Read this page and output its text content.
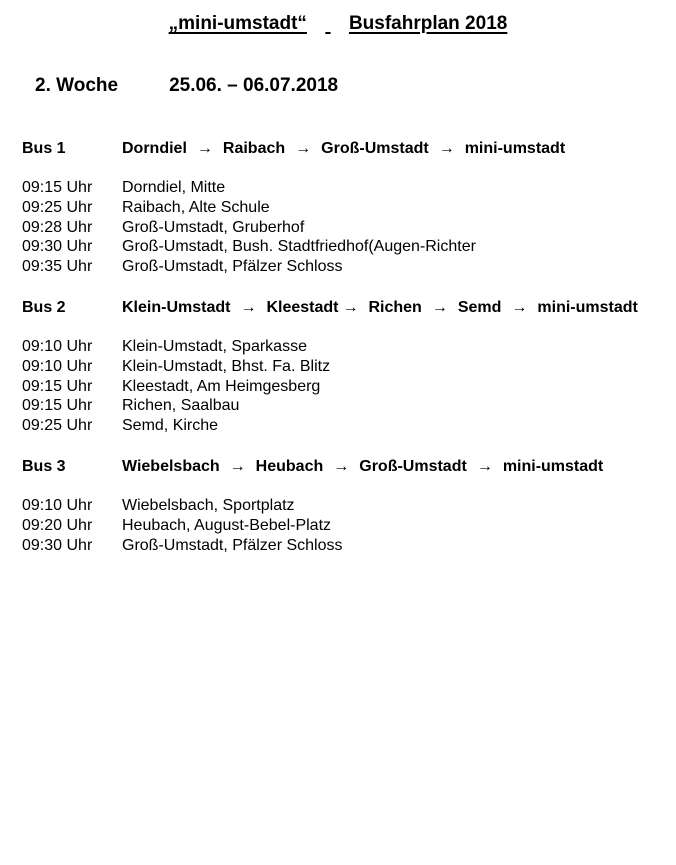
„mini-umstadt“ Busfahrplan 2018
2. Woche	25.06. – 06.07.2018
Bus 1	Dorndiel → Raibach → Groß-Umstadt → mini-umstadt
09:15 Uhr Dorndiel, Mitte
09:25 Uhr Raibach, Alte Schule
09:28 Uhr Groß-Umstadt, Gruberhof
09:30 Uhr Groß-Umstadt, Bush. Stadtfriedhof(Augen-Richter
09:35 Uhr Groß-Umstadt, Pfälzer Schloss
Bus 2	Klein-Umstadt → Kleestadt → Richen → Semd → mini-umstadt
09:10 Uhr Klein-Umstadt, Sparkasse
09:10 Uhr Klein-Umstadt, Bhst. Fa. Blitz
09:15 Uhr Kleestadt, Am Heimgesberg
09:15 Uhr Richen, Saalbau
09:25 Uhr Semd, Kirche
Bus 3	Wiebelsbach → Heubach → Groß-Umstadt → mini-umstadt
09:10 Uhr Wiebelsbach, Sportplatz
09:20 Uhr Heubach, August-Bebel-Platz
09:30 Uhr Groß-Umstadt, Pfälzer Schloss
